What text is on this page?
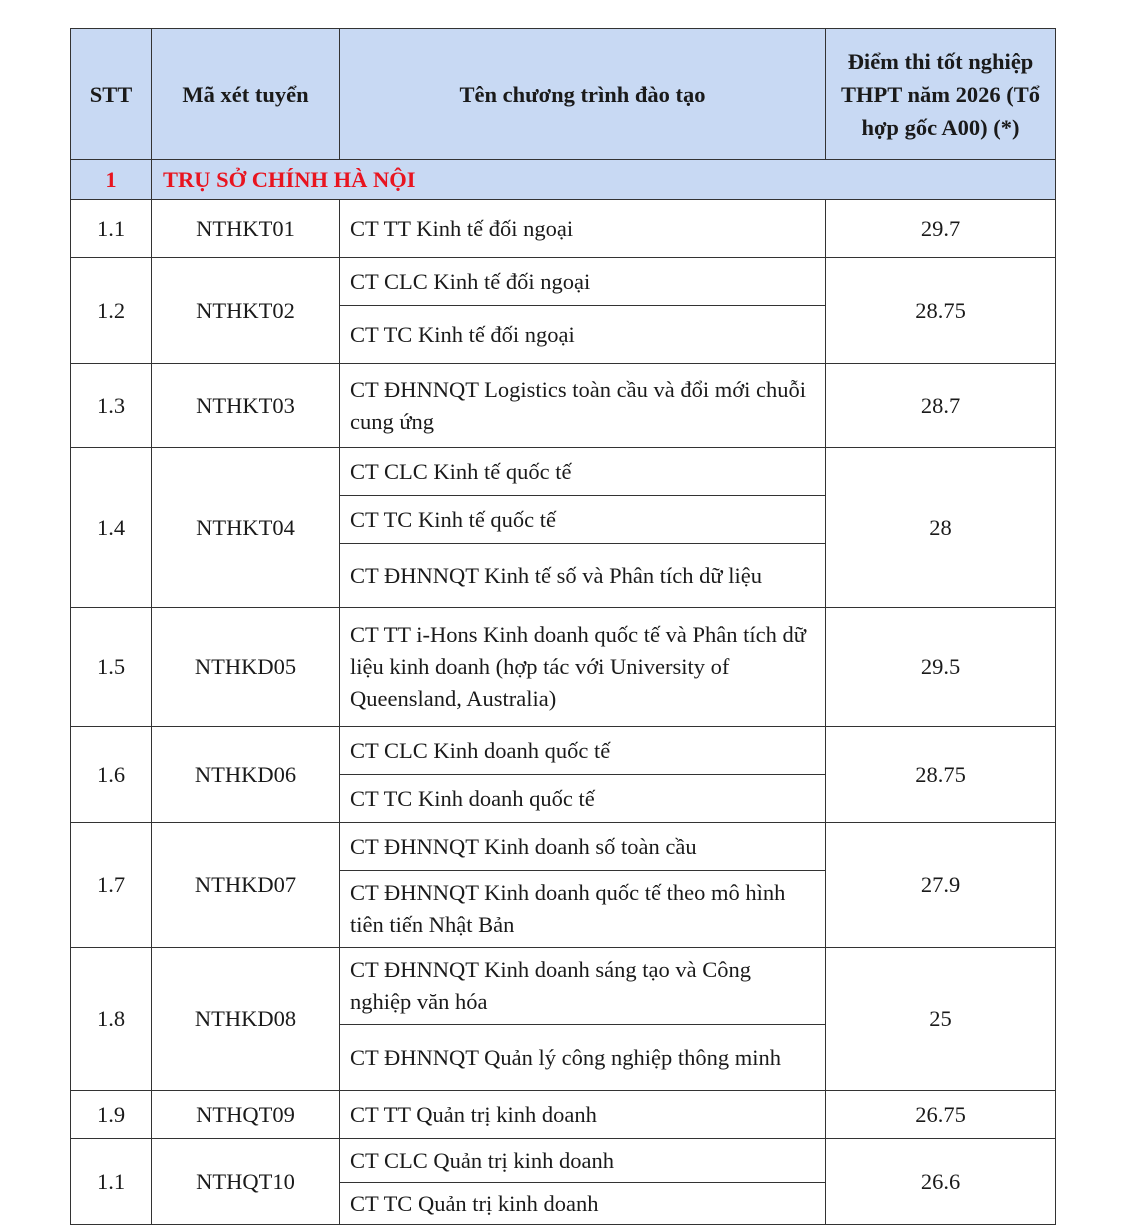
STT	Mã xét tuyển	Tên chương trình đào tạo	Điểm thi tốt nghiệp THPT năm 2026 (Tổ hợp gốc A00) (*)
1	TRỤ SỞ CHÍNH HÀ NỘI		
1.1	NTHKT01	CT TT Kinh tế đối ngoại	29.7
1.2	NTHKT02	CT CLC Kinh tế đối ngoại	28.75
		CT TC Kinh tế đối ngoại	
1.3	NTHKT03	CT ĐHNNQT Logistics toàn cầu và đổi mới chuỗi cung ứng	28.7
1.4	NTHKT04	CT CLC Kinh tế quốc tế	28
		CT TC Kinh tế quốc tế	
		CT ĐHNNQT Kinh tế số và Phân tích dữ liệu	
1.5	NTHKD05	CT TT i-Hons Kinh doanh quốc tế và Phân tích dữ liệu kinh doanh (hợp tác với University of Queensland, Australia)	29.5
1.6	NTHKD06	CT CLC Kinh doanh quốc tế	28.75
		CT TC Kinh doanh quốc tế	
1.7	NTHKD07	CT ĐHNNQT Kinh doanh số toàn cầu	27.9
		CT ĐHNNQT Kinh doanh quốc tế theo mô hình tiên tiến Nhật Bản	
1.8	NTHKD08	CT ĐHNNQT Kinh doanh sáng tạo và Công nghiệp văn hóa	25
		CT ĐHNNQT Quản lý công nghiệp thông minh	
1.9	NTHQT09	CT TT Quản trị kinh doanh	26.75
1.1	NTHQT10	CT CLC Quản trị kinh doanh	26.6
		CT TC Quản trị kinh doanh	
